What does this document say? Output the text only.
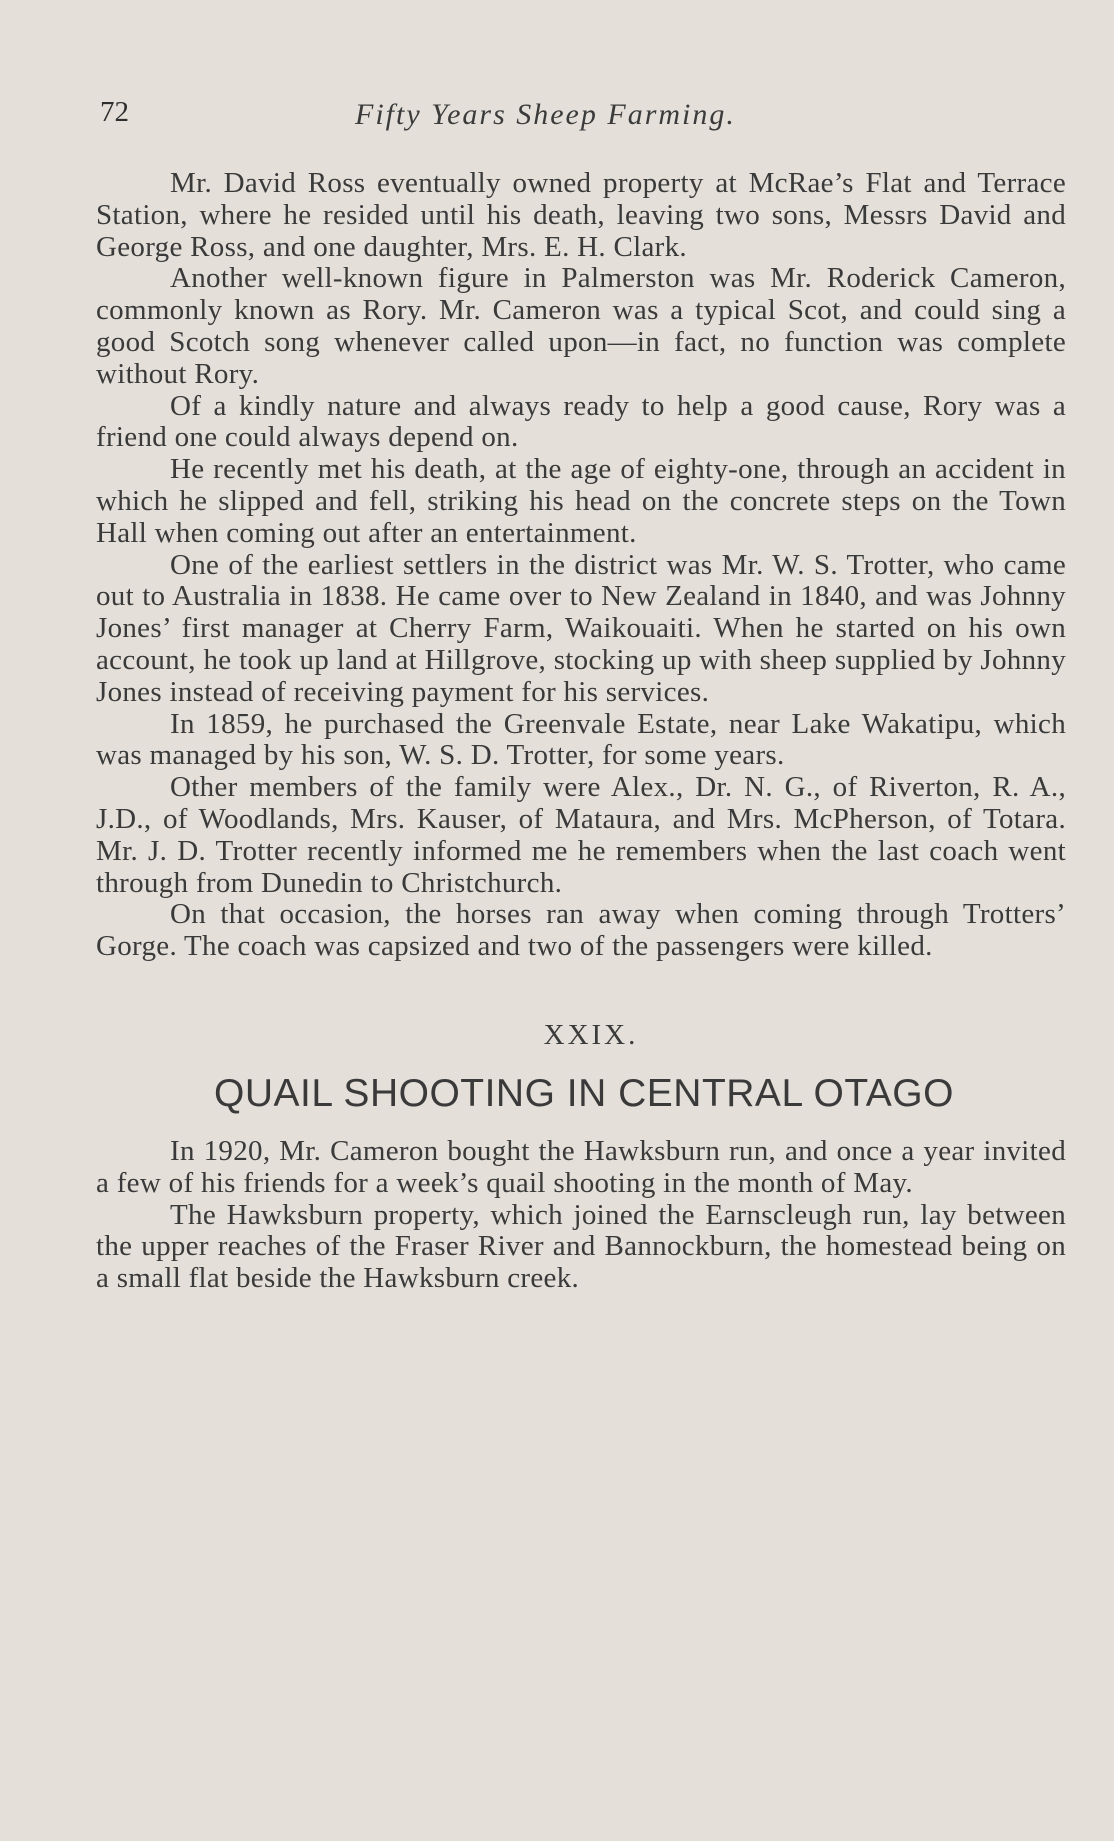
72	Fifty Years Sheep Farming.

Mr. David Ross eventually owned property at McRae’s Flat and Terrace Station, where he resided until his death, leaving two sons, Messrs David and George Ross, and one daughter, Mrs. E. H. Clark.

Another well-known figure in Palmerston was Mr. Roderick Cameron, commonly known as Rory. Mr. Cameron was a typical Scot, and could sing a good Scotch song whenever called upon—in fact, no function was complete without Rory.

Of a kindly nature and always ready to help a good cause, Rory was a friend one could always depend on.

He recently met his death, at the age of eighty-one, through an accident in which he slipped and fell, striking his head on the concrete steps on the Town Hall when coming out after an entertainment.

One of the earliest settlers in the district was Mr. W. S. Trotter, who came out to Australia in 1838. He came over to New Zealand in 1840, and was Johnny Jones’ first manager at Cherry Farm, Waikouaiti. When he started on his own account, he took up land at Hillgrove, stocking up with sheep supplied by Johnny Jones instead of receiving payment for his services.

In 1859, he purchased the Greenvale Estate, near Lake Wakatipu, which was managed by his son, W. S. D. Trotter, for some years.

Other members of the family were Alex., Dr. N. G., of Riverton, R. A., J.D., of Woodlands, Mrs. Kauser, of Mataura, and Mrs. McPherson, of Totara. Mr. J. D. Trotter recently informed me he remembers when the last coach went through from Dunedin to Christchurch.

On that occasion, the horses ran away when coming through Trotters’ Gorge. The coach was capsized and two of the passengers were killed.

XXIX.
QUAIL SHOOTING IN CENTRAL OTAGO

In 1920, Mr. Cameron bought the Hawksburn run, and once a year invited a few of his friends for a week’s quail shooting in the month of May.

The Hawksburn property, which joined the Earnscleugh run, lay between the upper reaches of the Fraser River and Bannockburn, the homestead being on a small flat beside the Hawksburn creek.
